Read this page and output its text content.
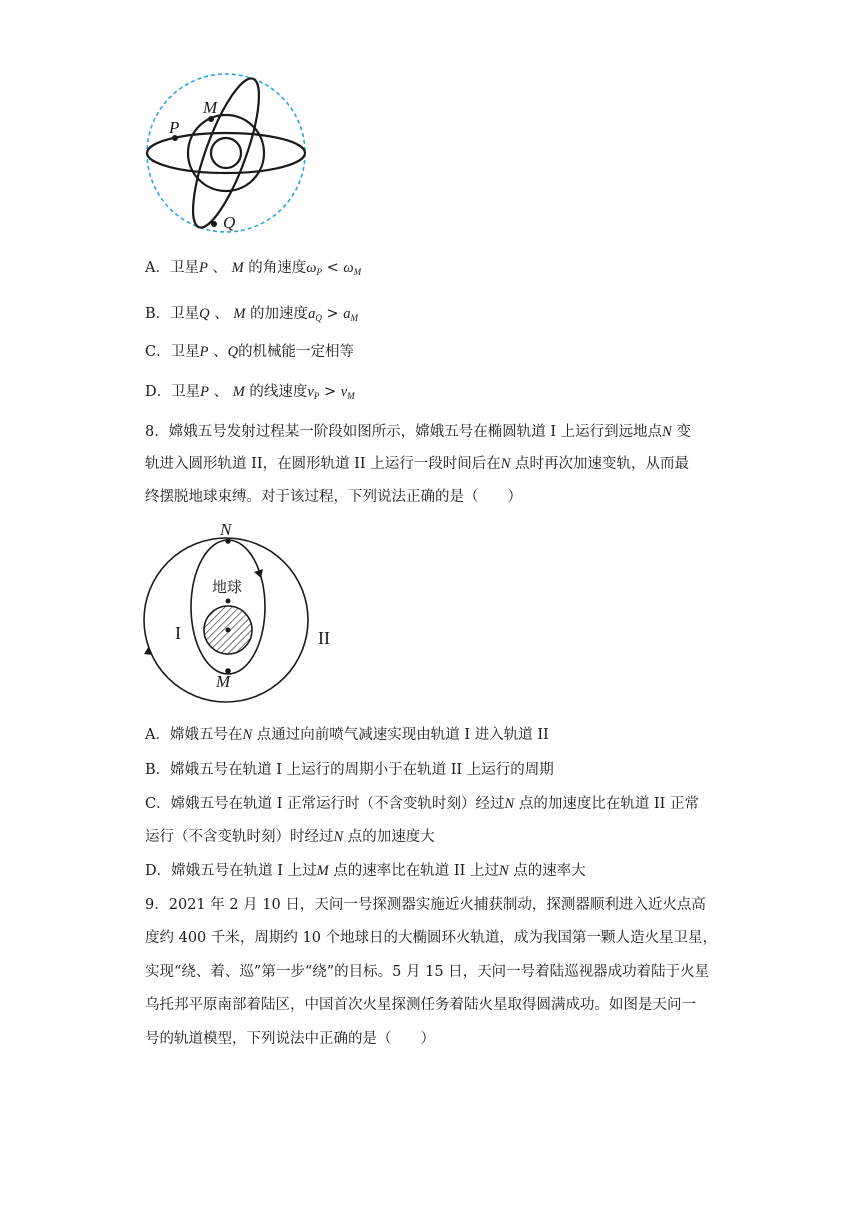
P
M
Q
A．卫星P 、 M 的角速度$\omega_P < \omega_M$
B．卫星Q 、 M 的加速度$a_Q > a_M$
C．卫星P 、Q的机械能一定相等
D．卫星P 、 M 的线速度$v_P > v_M$
8．嫦娥五号发射过程某一阶段如图所示，嫦娥五号在椭圆轨道 I 上运行到远地点N 变
轨进入圆形轨道 II，在圆形轨道 II 上运行一段时间后在N 点时再次加速变轨，从而最
终摆脱地球束缚。对于该过程，下列说法正确的是（　　）
N
M
地球
I	II
A．嫦娥五号在N 点通过向前喷气减速实现由轨道 I 进入轨道 II
B．嫦娥五号在轨道 I 上运行的周期小于在轨道 II 上运行的周期
C．嫦娥五号在轨道 I 正常运行时（不含变轨时刻）经过N 点的加速度比在轨道 II 正常
运行（不含变轨时刻）时经过N 点的加速度大
D．嫦娥五号在轨道 I 上过M 点的速率比在轨道 II 上过N 点的速率大
9．2021 年 2 月 10 日，天问一号探测器实施近火捕获制动，探测器顺利进入近火点高
度约 400 千米，周期约 10 个地球日的大椭圆环火轨道，成为我国第一颗人造火星卫星，
实现“绕、着、巡”第一步“绕”的目标。5 月 15 日，天问一号着陆巡视器成功着陆于火星
乌托邦平原南部着陆区，中国首次火星探测任务着陆火星取得圆满成功。如图是天问一
号的轨道模型，下列说法中正确的是（　　）
